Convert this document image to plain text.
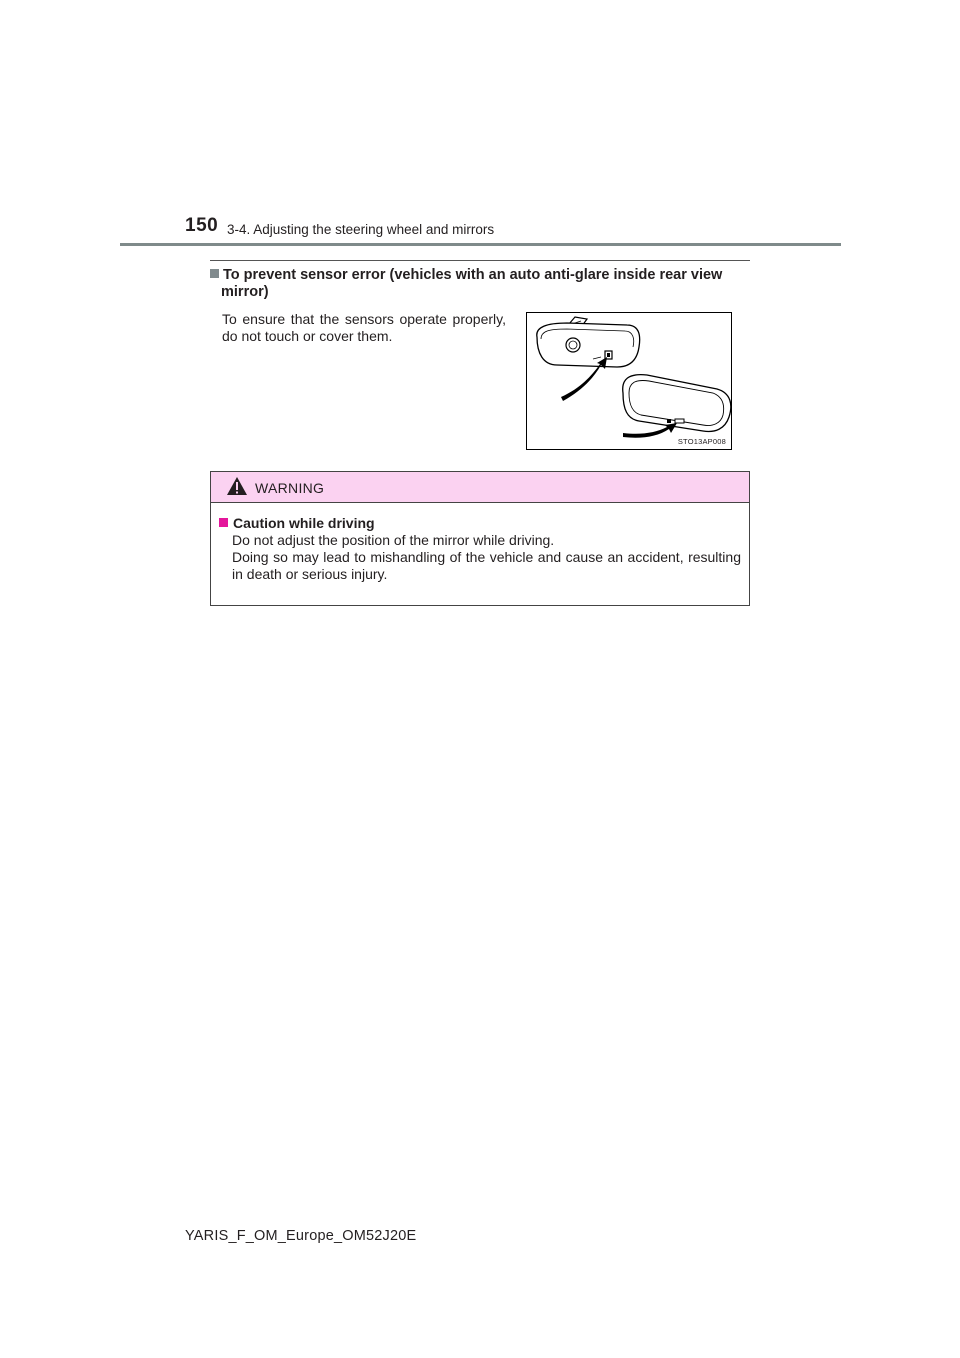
150 3-4. Adjusting the steering wheel and mirrors
To prevent sensor error (vehicles with an auto anti-glare inside rear view
mirror)
To ensure that the sensors operate properly, do not touch or cover them.
STO13AP008
WARNING
Caution while driving
Do not adjust the position of the mirror while driving.
Doing so may lead to mishandling of the vehicle and cause an accident, resulting in death or serious injury.
YARIS_F_OM_Europe_OM52J20E
